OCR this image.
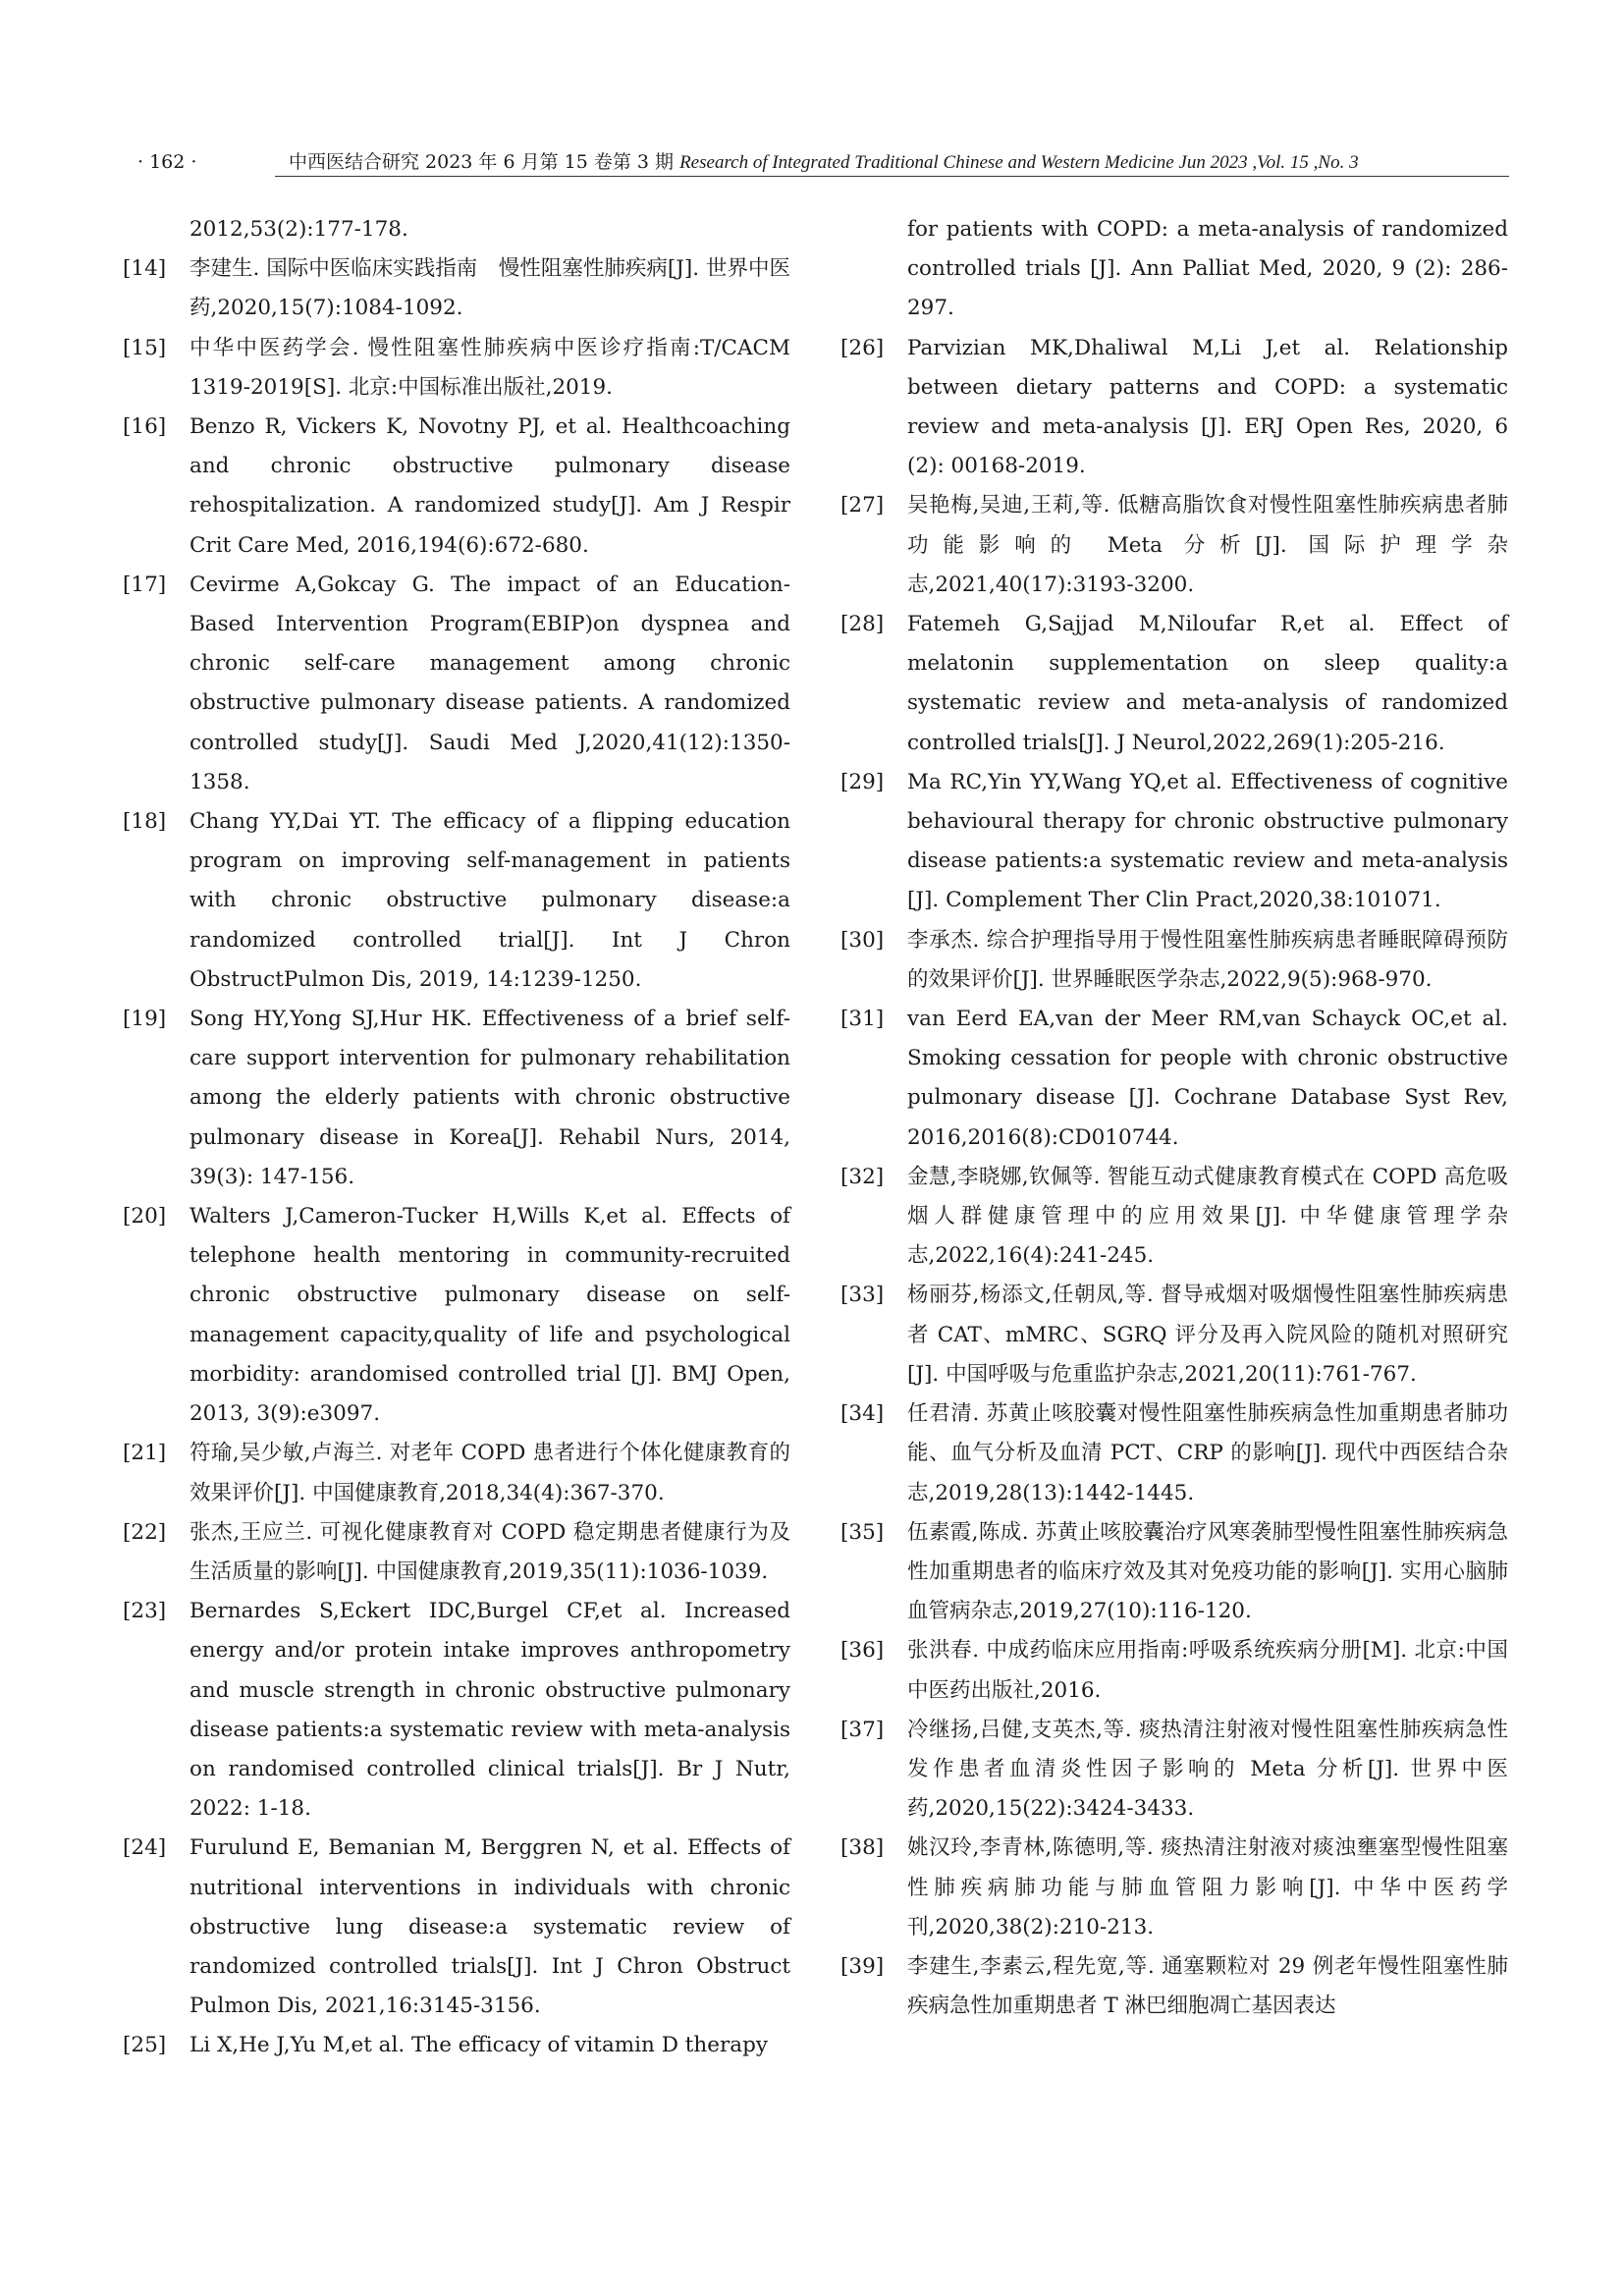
· 162 ·	中西医结合研究 2023 年 6 月第 15 卷第 3 期 Research of Integrated Traditional Chinese and Western Medicine Jun 2023 ,Vol. 15 ,No. 3
2012,53(2):177-178.
[14]	李建生. 国际中医临床实践指南　慢性阻塞性肺疾病[J]. 世界中医药,2020,15(7):1084-1092.
[15]	中华中医药学会. 慢性阻塞性肺疾病中医诊疗指南:T/CACM 1319-2019[S]. 北京:中国标准出版社,2019.
[16]	Benzo R, Vickers K, Novotny PJ, et al. Healthcoaching and chronic obstructive pulmonary disease rehospitalization. A randomized study[J]. Am J Respir Crit Care Med, 2016,194(6):672-680.
[17]	Cevirme A,Gokcay G. The impact of an Education-Based Intervention Program(EBIP)on dyspnea and chronic self-care management among chronic obstructive pulmonary disease patients. A randomized controlled study[J]. Saudi Med J,2020,41(12):1350-1358.
[18]	Chang YY,Dai YT. The efficacy of a flipping education program on improving self-management in patients with chronic obstructive pulmonary disease:a randomized controlled trial[J]. Int J Chron ObstructPulmon Dis, 2019, 14:1239-1250.
[19]	Song HY,Yong SJ,Hur HK. Effectiveness of a brief self-care support intervention for pulmonary rehabilitation among the elderly patients with chronic obstructive pulmonary disease in Korea[J]. Rehabil Nurs, 2014, 39(3): 147-156.
[20]	Walters J,Cameron-Tucker H,Wills K,et al. Effects of telephone health mentoring in community-recruited chronic obstructive pulmonary disease on self-management capacity,quality of life and psychological morbidity: arandomised controlled trial [J]. BMJ Open, 2013, 3(9):e3097.
[21]	符瑜,吴少敏,卢海兰. 对老年 COPD 患者进行个体化健康教育的效果评价[J]. 中国健康教育,2018,34(4):367-370.
[22]	张杰,王应兰. 可视化健康教育对 COPD 稳定期患者健康行为及生活质量的影响[J]. 中国健康教育,2019,35(11):1036-1039.
[23]	Bernardes S,Eckert IDC,Burgel CF,et al. Increased energy and/or protein intake improves anthropometry and muscle strength in chronic obstructive pulmonary disease patients:a systematic review with meta-analysis on randomised controlled clinical trials[J]. Br J Nutr, 2022: 1-18.
[24]	Furulund E, Bemanian M, Berggren N, et al. Effects of nutritional interventions in individuals with chronic obstructive lung disease:a systematic review of randomized controlled trials[J]. Int J Chron Obstruct Pulmon Dis, 2021,16:3145-3156.
[25]	Li X,He J,Yu M,et al. The efficacy of vitamin D therapy
for patients with COPD: a meta-analysis of randomized controlled trials [J]. Ann Palliat Med, 2020, 9 (2): 286-297.
[26]	Parvizian MK,Dhaliwal M,Li J,et al. Relationship between dietary patterns and COPD: a systematic review and meta-analysis [J]. ERJ Open Res, 2020, 6 (2): 00168-2019.
[27]	吴艳梅,吴迪,王莉,等. 低糖高脂饮食对慢性阻塞性肺疾病患者肺功能影响的 Meta 分析[J]. 国际护理学杂志,2021,40(17):3193-3200.
[28]	Fatemeh G,Sajjad M,Niloufar R,et al. Effect of melatonin supplementation on sleep quality:a systematic review and meta-analysis of randomized controlled trials[J]. J Neurol,2022,269(1):205-216.
[29]	Ma RC,Yin YY,Wang YQ,et al. Effectiveness of cognitive behavioural therapy for chronic obstructive pulmonary disease patients:a systematic review and meta-analysis [J]. Complement Ther Clin Pract,2020,38:101071.
[30]	李承杰. 综合护理指导用于慢性阻塞性肺疾病患者睡眠障碍预防的效果评价[J]. 世界睡眠医学杂志,2022,9(5):968-970.
[31]	van Eerd EA,van der Meer RM,van Schayck OC,et al. Smoking cessation for people with chronic obstructive pulmonary disease [J]. Cochrane Database Syst Rev, 2016,2016(8):CD010744.
[32]	金慧,李晓娜,钦佩等. 智能互动式健康教育模式在 COPD 高危吸烟人群健康管理中的应用效果[J]. 中华健康管理学杂志,2022,16(4):241-245.
[33]	杨丽芬,杨添文,任朝凤,等. 督导戒烟对吸烟慢性阻塞性肺疾病患者 CAT、mMRC、SGRQ 评分及再入院风险的随机对照研究[J]. 中国呼吸与危重监护杂志,2021,20(11):761-767.
[34]	任君清. 苏黄止咳胶囊对慢性阻塞性肺疾病急性加重期患者肺功能、血气分析及血清 PCT、CRP 的影响[J]. 现代中西医结合杂志,2019,28(13):1442-1445.
[35]	伍素霞,陈成. 苏黄止咳胶囊治疗风寒袭肺型慢性阻塞性肺疾病急性加重期患者的临床疗效及其对免疫功能的影响[J]. 实用心脑肺血管病杂志,2019,27(10):116-120.
[36]	张洪春. 中成药临床应用指南:呼吸系统疾病分册[M]. 北京:中国中医药出版社,2016.
[37]	冷继扬,吕健,支英杰,等. 痰热清注射液对慢性阻塞性肺疾病急性发作患者血清炎性因子影响的 Meta 分析[J]. 世界中医药,2020,15(22):3424-3433.
[38]	姚汉玲,李青林,陈德明,等. 痰热清注射液对痰浊壅塞型慢性阻塞性肺疾病肺功能与肺血管阻力影响[J]. 中华中医药学刊,2020,38(2):210-213.
[39]	李建生,李素云,程先宽,等. 通塞颗粒对 29 例老年慢性阻塞性肺疾病急性加重期患者 T 淋巴细胞凋亡基因表达
